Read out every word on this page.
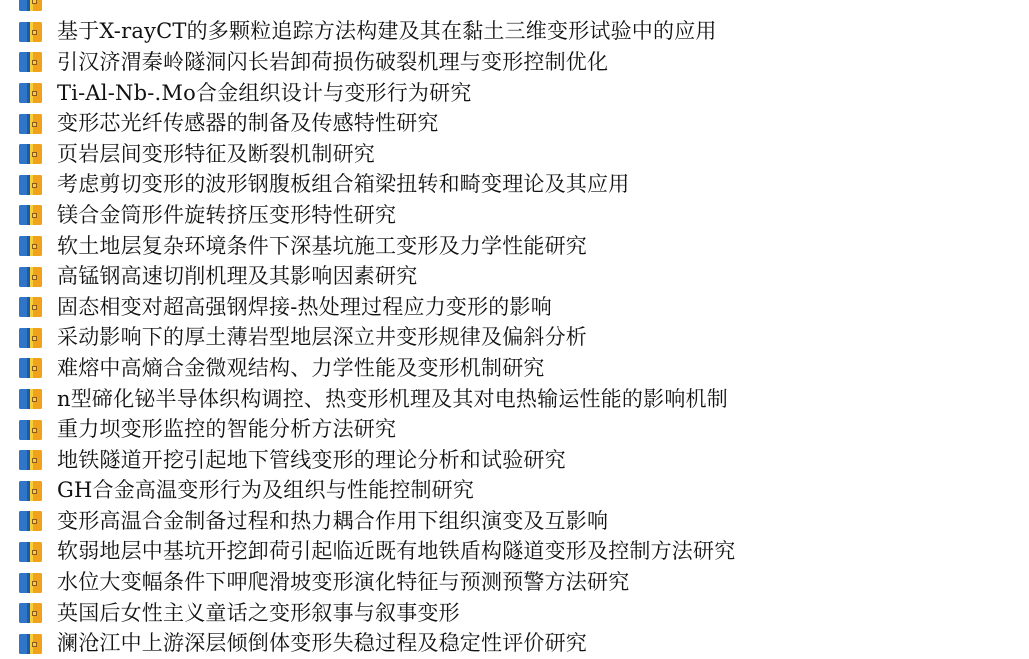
基于X-rayCT的多颗粒追踪方法构建及其在黏土三维变形试验中的应用
引汉济渭秦岭隧洞闪长岩卸荷损伤破裂机理与变形控制优化
Ti-Al-Nb-.Mo合金组织设计与变形行为研究
变形芯光纤传感器的制备及传感特性研究
页岩层间变形特征及断裂机制研究
考虑剪切变形的波形钢腹板组合箱梁扭转和畸变理论及其应用
镁合金筒形件旋转挤压变形特性研究
软土地层复杂环境条件下深基坑施工变形及力学性能研究
高锰钢高速切削机理及其影响因素研究
固态相变对超高强钢焊接-热处理过程应力变形的影响
采动影响下的厚土薄岩型地层深立井变形规律及偏斜分析
难熔中高熵合金微观结构、力学性能及变形机制研究
n型碲化铋半导体织构调控、热变形机理及其对电热输运性能的影响机制
重力坝变形监控的智能分析方法研究
地铁隧道开挖引起地下管线变形的理论分析和试验研究
GH合金高温变形行为及组织与性能控制研究
变形高温合金制备过程和热力耦合作用下组织演变及互影响
软弱地层中基坑开挖卸荷引起临近既有地铁盾构隧道变形及控制方法研究
水位大变幅条件下呷爬滑坡变形演化特征与预测预警方法研究
英国后女性主义童话之变形叙事与叙事变形
澜沧江中上游深层倾倒体变形失稳过程及稳定性评价研究
